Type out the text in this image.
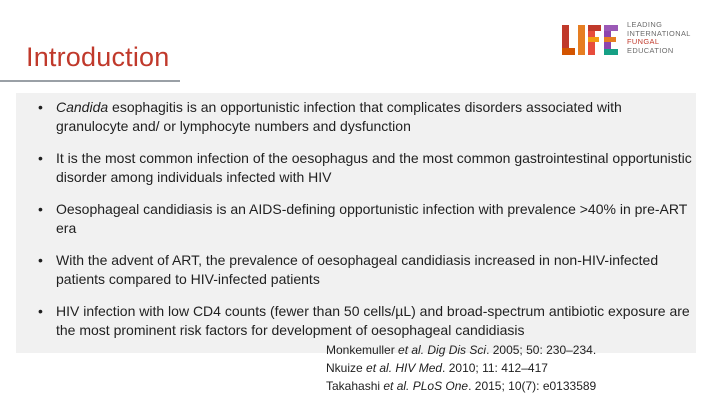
Introduction
LEADING
INTERNATIONAL
FUNGAL
EDUCATION
• Candida esophagitis is an opportunistic infection that complicates disorders associated with granulocyte and/ or lymphocyte numbers and dysfunction
• It is the most common infection of the oesophagus and the most common gastrointestinal opportunistic disorder among individuals infected with HIV
• Oesophageal candidiasis is an AIDS-defining opportunistic infection with prevalence >40% in pre-ART era
• With the advent of ART, the prevalence of oesophageal candidiasis increased in non-HIV-infected patients compared to HIV-infected patients
• HIV infection with low CD4 counts (fewer than 50 cells/µL) and broad-spectrum antibiotic exposure are the most prominent risk factors for development of oesophageal candidiasis
Monkemuller et al. Dig Dis Sci. 2005; 50: 230–234.
Nkuize et al. HIV Med. 2010; 11: 412–417
Takahashi et al. PLoS One. 2015; 10(7): e0133589
